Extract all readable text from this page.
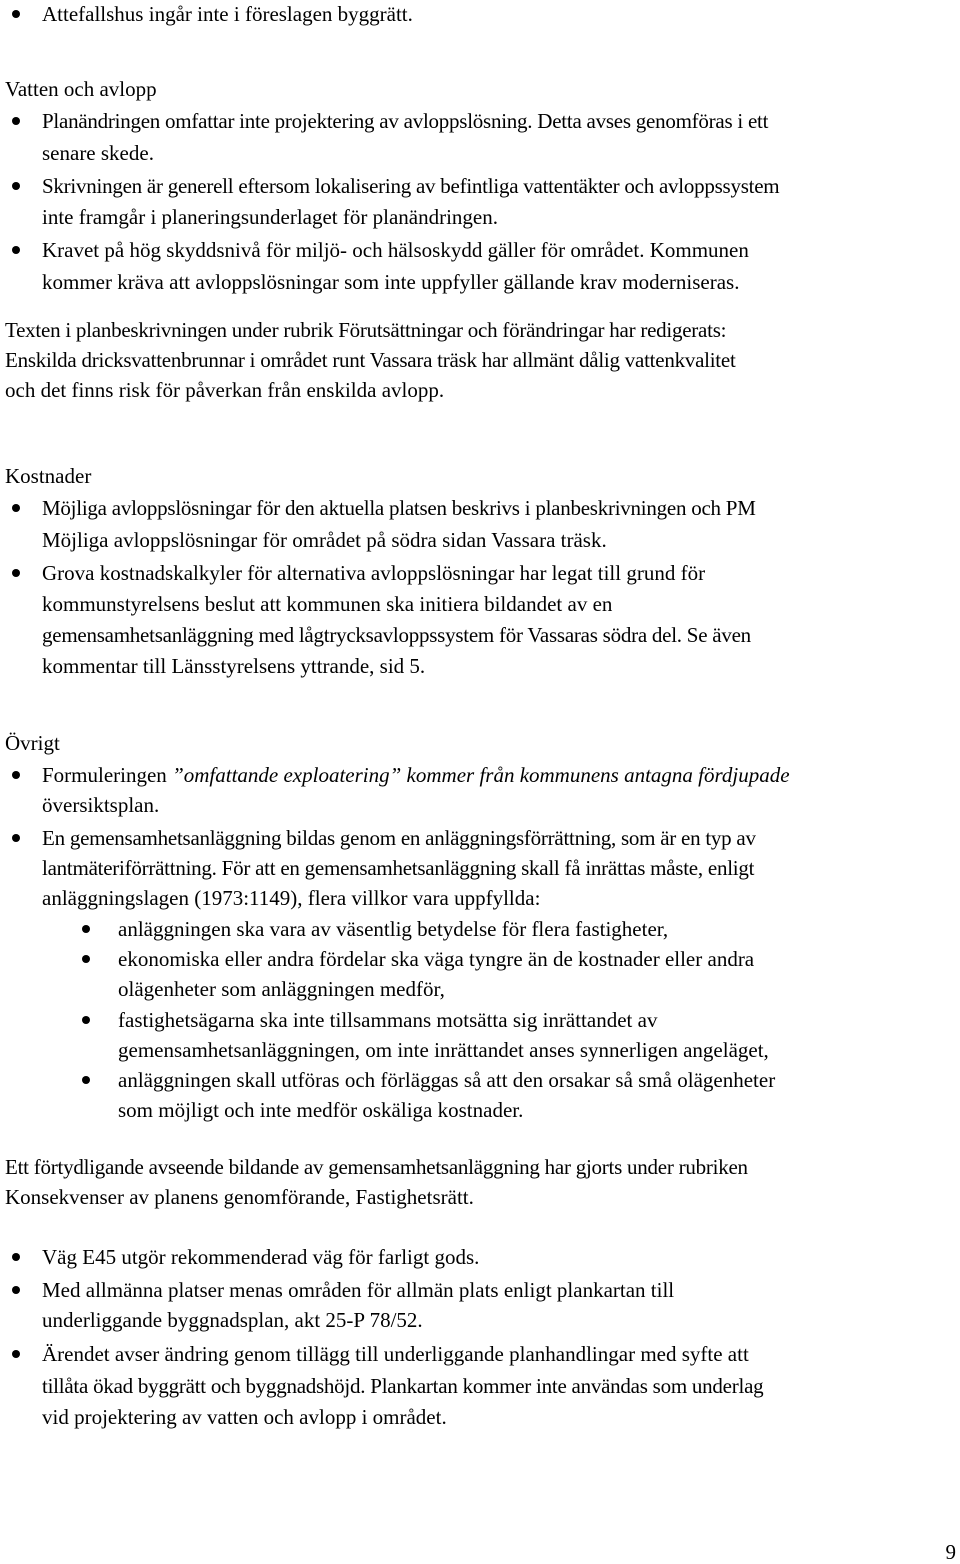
Attefallshus ingår inte i föreslagen byggrätt.

Vatten och avlopp

Planändringen omfattar inte projektering av avloppslösning. Detta avses genomföras i ett

senare skede.

Skrivningen är generell eftersom lokalisering av befintliga vattentäkter och avloppssystem

inte framgår i planeringsunderlaget för planändringen.

Kravet på hög skyddsnivå för miljö- och hälsoskydd gäller för området. Kommunen

kommer kräva att avloppslösningar som inte uppfyller gällande krav moderniseras.

Texten i planbeskrivningen under rubrik Förutsättningar och förändringar har redigerats:

Enskilda dricksvattenbrunnar i området runt Vassara träsk har allmänt dålig vattenkvalitet

och det finns risk för påverkan från enskilda avlopp.

Kostnader

Möjliga avloppslösningar för den aktuella platsen beskrivs i planbeskrivningen och PM

Möjliga avloppslösningar för området på södra sidan Vassara träsk.

Grova kostnadskalkyler för alternativa avloppslösningar har legat till grund för

kommunstyrelsens beslut att kommunen ska initiera bildandet av en

gemensamhetsanläggning med lågtrycksavloppssystem för Vassaras södra del. Se även

kommentar till Länsstyrelsens yttrande, sid 5.

Övrigt

Formuleringen ”omfattande exploatering” kommer från kommunens antagna fördjupade

översiktsplan.

En gemensamhetsanläggning bildas genom en anläggningsförrättning, som är en typ av

lantmäteriförrättning. För att en gemensamhetsanläggning skall få inrättas måste, enligt

anläggningslagen (1973:1149), flera villkor vara uppfyllda:

anläggningen ska vara av väsentlig betydelse för flera fastigheter,

ekonomiska eller andra fördelar ska väga tyngre än de kostnader eller andra

olägenheter som anläggningen medför,

fastighetsägarna ska inte tillsammans motsätta sig inrättandet av

gemensamhetsanläggningen, om inte inrättandet anses synnerligen angeläget,

anläggningen skall utföras och förläggas så att den orsakar så små olägenheter

som möjligt och inte medför oskäliga kostnader.

Ett förtydligande avseende bildande av gemensamhetsanläggning har gjorts under rubriken

Konsekvenser av planens genomförande, Fastighetsrätt.

Väg E45 utgör rekommenderad väg för farligt gods.

Med allmänna platser menas områden för allmän plats enligt plankartan till

underliggande byggnadsplan, akt 25-P 78/52.

Ärendet avser ändring genom tillägg till underliggande planhandlingar med syfte att

tillåta ökad byggrätt och byggnadshöjd. Plankartan kommer inte användas som underlag

vid projektering av vatten och avlopp i området.

9
